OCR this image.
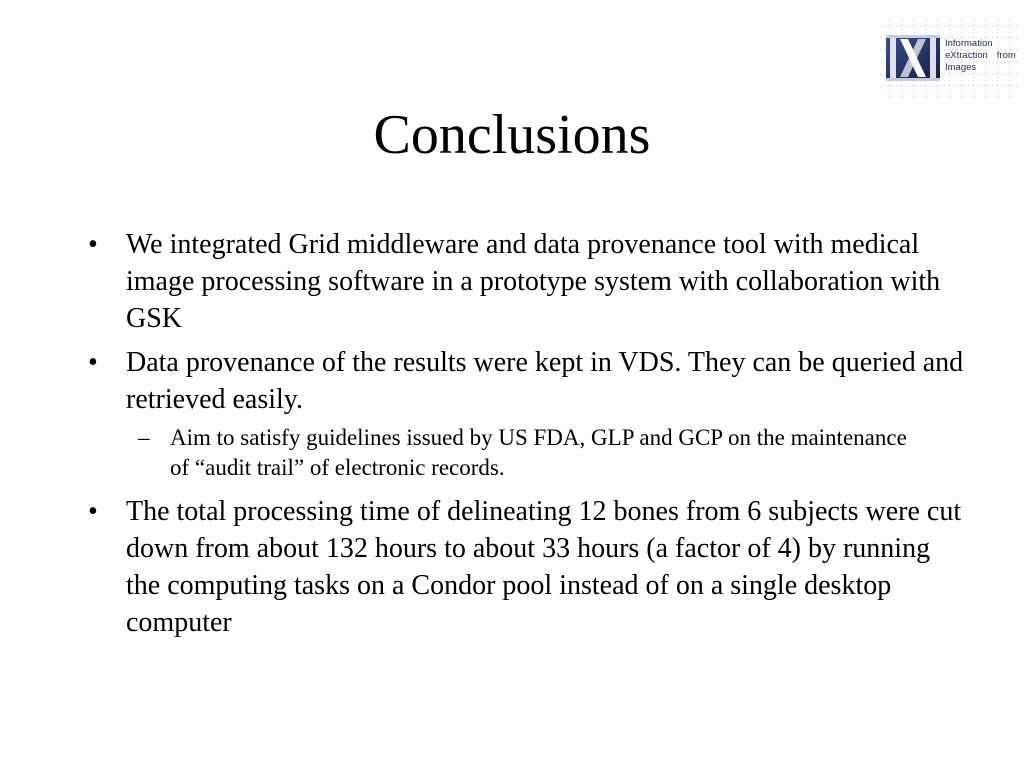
Information
eXtraction from
Images
Conclusions
• We integrated Grid middleware and data provenance tool with medical image processing software in a prototype system with collaboration with GSK
• Data provenance of the results were kept in VDS. They can be queried and retrieved easily.
– Aim to satisfy guidelines issued by US FDA, GLP and GCP on the maintenance of “audit trail” of electronic records.
• The total processing time of delineating 12 bones from 6 subjects were cut down from about 132 hours to about 33 hours (a factor of 4) by running the computing tasks on a Condor pool instead of on a single desktop computer
